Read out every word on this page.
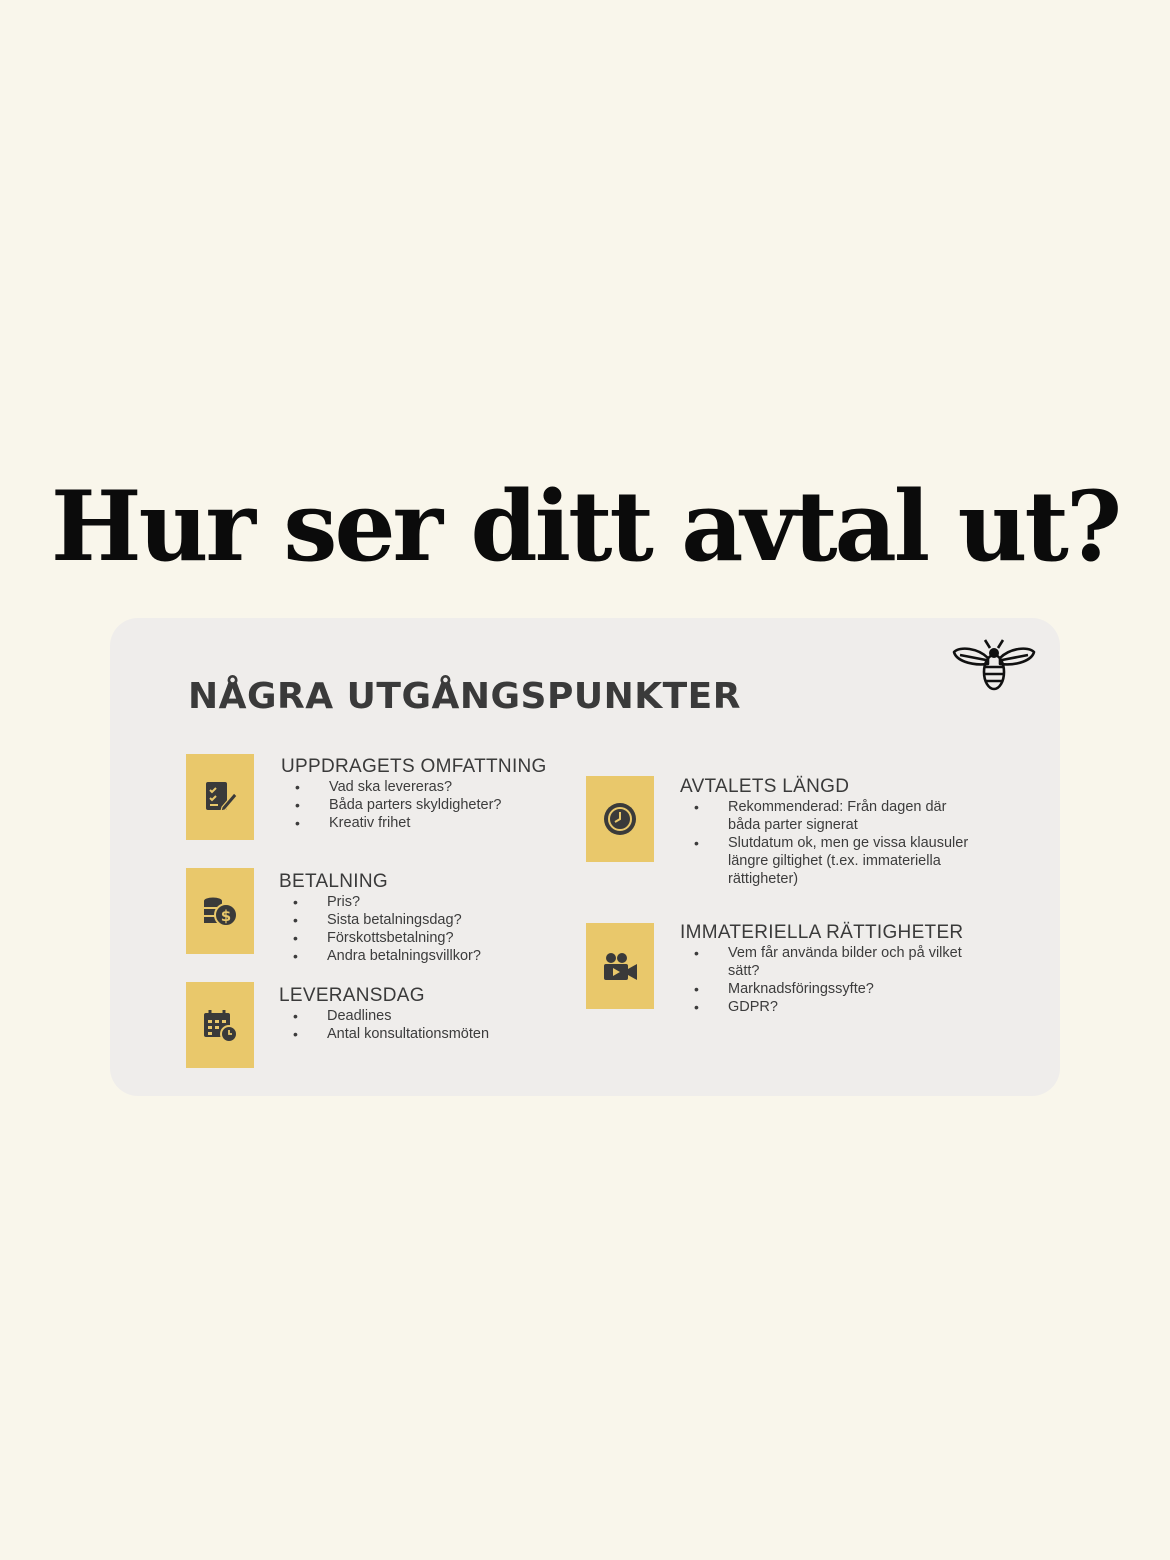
Hur ser ditt avtal ut?
NÅGRA UTGÅNGSPUNKTER
UPPDRAGETS OMFATTNING
• Vad ska levereras?
• Båda parters skyldigheter?
• Kreativ frihet
$
BETALNING
• Pris?
• Sista betalningsdag?
• Förskottsbetalning?
• Andra betalningsvillkor?
LEVERANSDAG
• Deadlines
• Antal konsultationsmöten
AVTALETS LÄNGD
• Rekommenderad: Från dagen där båda parter signerat
• Slutdatum ok, men ge vissa klausuler längre giltighet (t.ex. immateriella rättigheter)
IMMATERIELLA RÄTTIGHETER
• Vem får använda bilder och på vilket sätt?
• Marknadsföringssyfte?
• GDPR?
